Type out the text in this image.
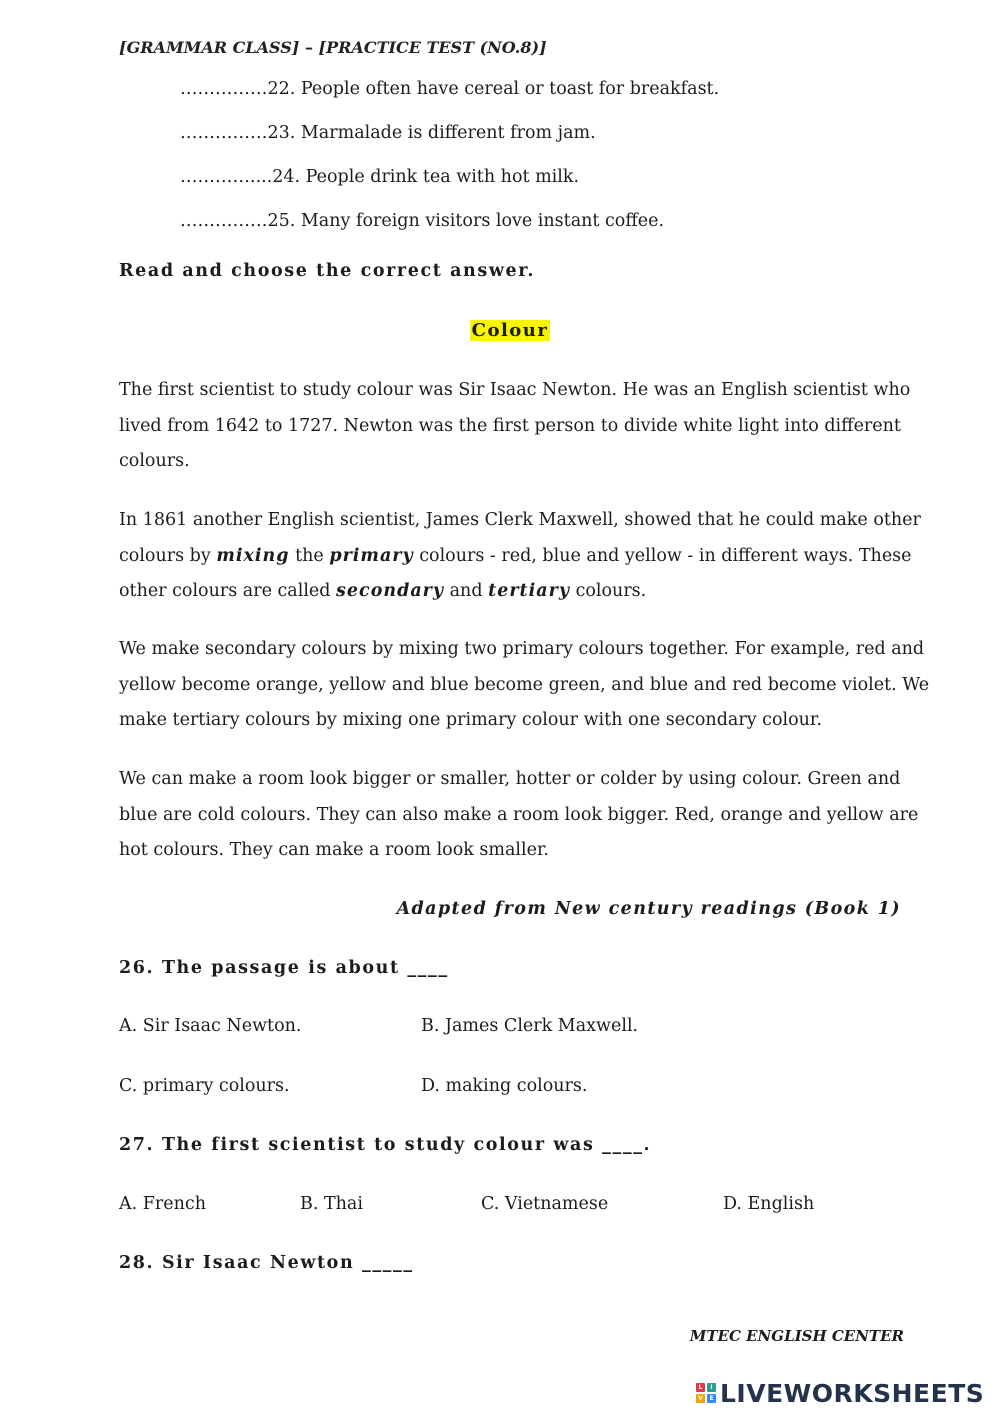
[GRAMMAR CLASS] – [PRACTICE TEST (NO.8)]
……………22. People often have cereal or toast for breakfast.
……………23. Marmalade is different from jam.
…………....24. People drink tea with hot milk.
……………25. Many foreign visitors love instant coffee.
Read and choose the correct answer.
Colour

The first scientist to study colour was Sir Isaac Newton. He was an English scientist who
lived from 1642 to 1727. Newton was the first person to divide white light into different
colours.

In 1861 another English scientist, James Clerk Maxwell, showed that he could make other
colours by mixing the primary colours - red, blue and yellow - in different ways. These
other colours are called secondary and tertiary colours.

We make secondary colours by mixing two primary colours together. For example, red and
yellow become orange, yellow and blue become green, and blue and red become violet. We
make tertiary colours by mixing one primary colour with one secondary colour.

We can make a room look bigger or smaller, hotter or colder by using colour. Green and
blue are cold colours. They can also make a room look bigger. Red, orange and yellow are
hot colours. They can make a room look smaller.

Adapted from New century readings (Book 1)
26. The passage is about ____
A. Sir Isaac Newton.	B. James Clerk Maxwell.
C. primary colours.	D. making colours.
27. The first scientist to study colour was ____.
A. French	B. Thai	C. Vietnamese	D. English
28. Sir Isaac Newton _____
MTEC ENGLISH CENTER
L	I
V	E LIVEWORKSHEETS
